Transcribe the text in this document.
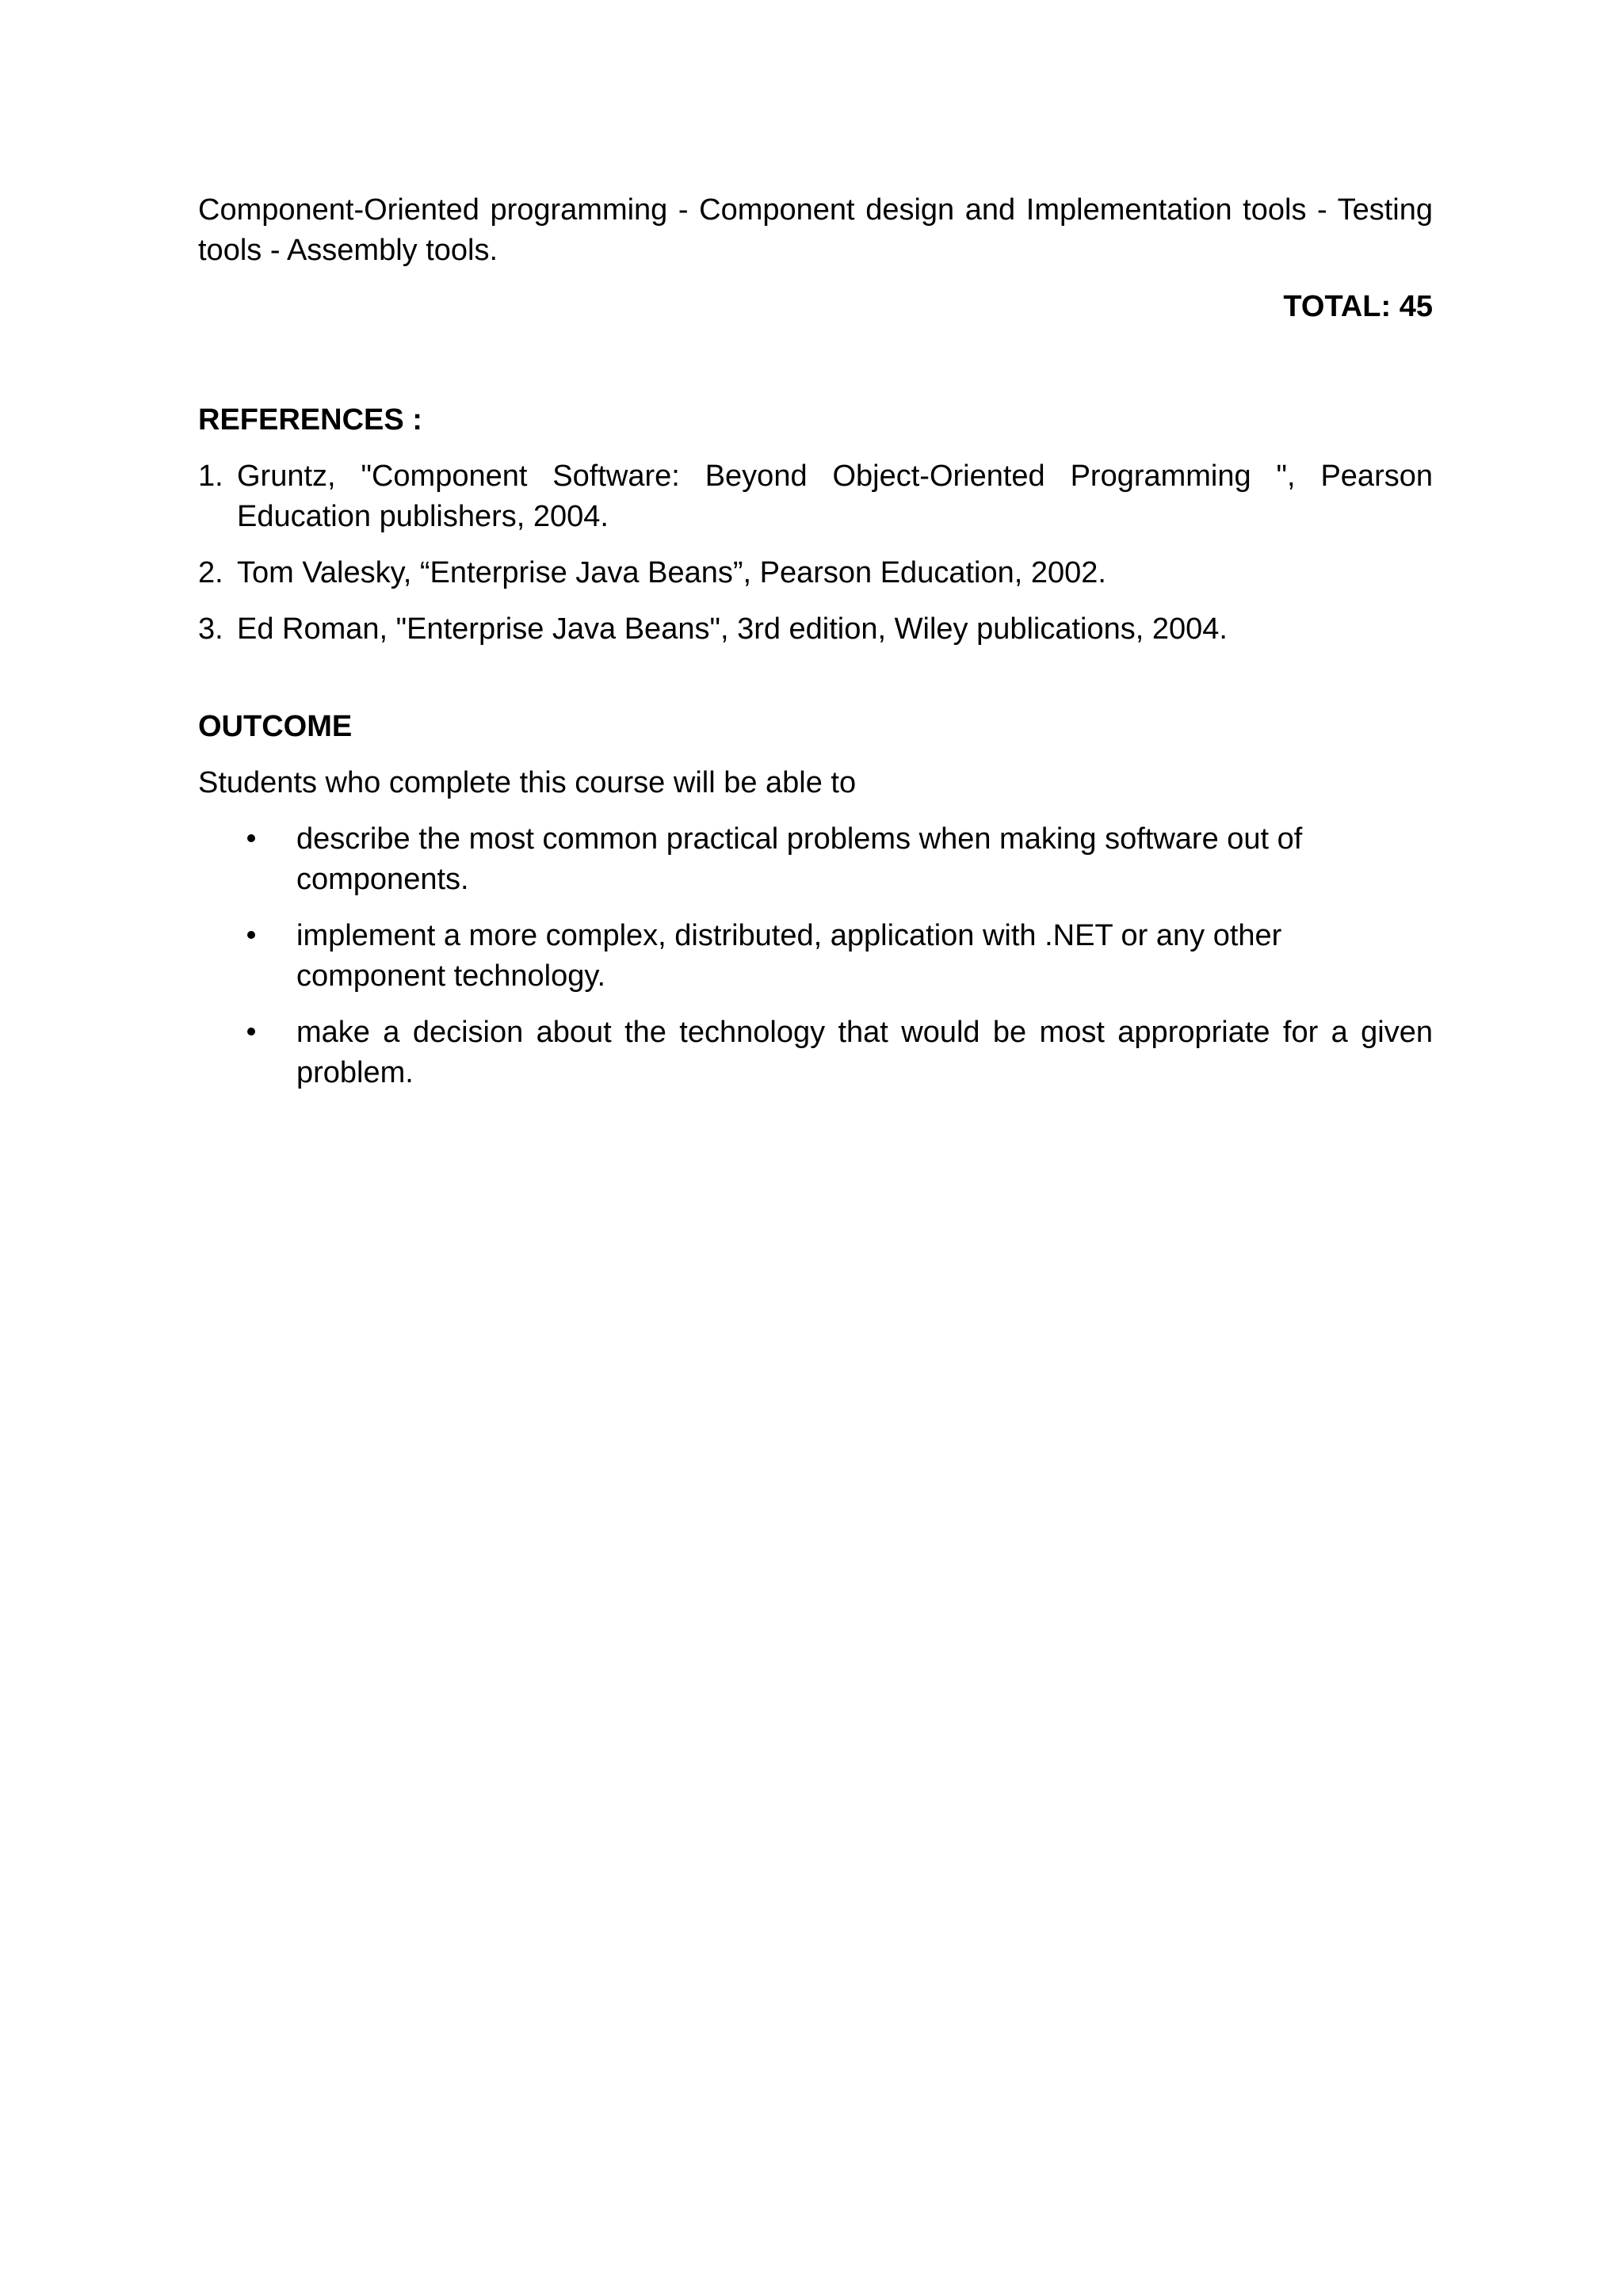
Component-Oriented programming - Component design and Implementation tools - Testing tools - Assembly tools.

TOTAL: 45

REFERENCES :

1. Gruntz, "Component Software: Beyond Object-Oriented Programming ", Pearson Education publishers, 2004.
2. Tom Valesky, “Enterprise Java Beans”, Pearson Education, 2002.
3. Ed Roman, "Enterprise Java Beans", 3rd edition, Wiley publications, 2004.

OUTCOME

Students who complete this course will be able to

describe the most common practical problems when making software out of components.
implement a more complex, distributed, application with .NET or any other component technology.
make a decision about the technology that would be most appropriate for a given problem.
